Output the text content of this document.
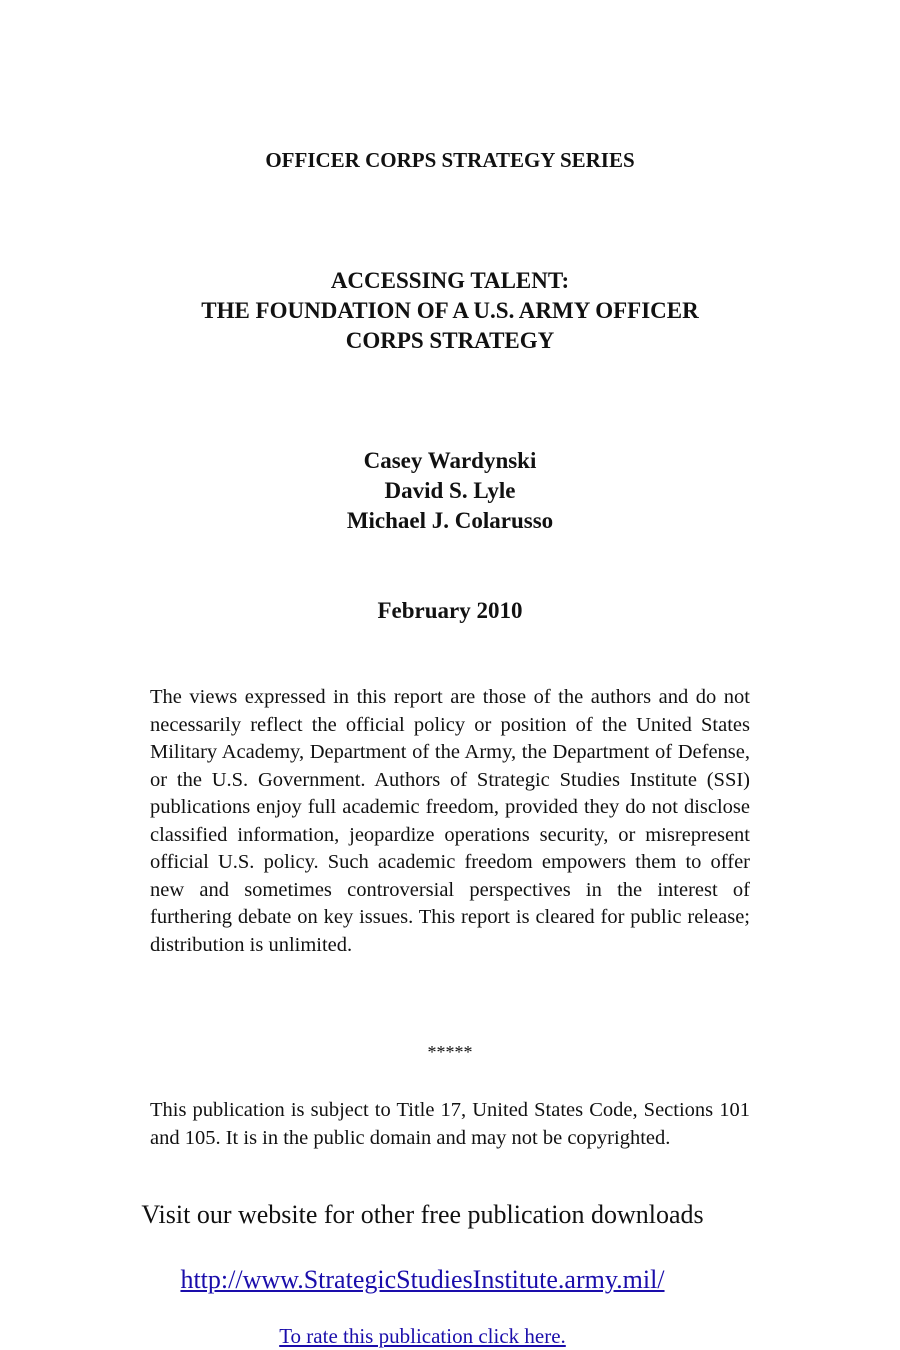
OFFICER CORPS STRATEGY SERIES

ACCESSING TALENT:
THE FOUNDATION OF A U.S. ARMY OFFICER
CORPS STRATEGY
Casey Wardynski
David S. Lyle
Michael J. Colarusso

February 2010

The views expressed in this report are those of the authors and do not necessarily reflect the official policy or position of the United States Military Academy, Department of the Army, the Department of Defense, or the U.S. Government. Authors of Strategic Studies Institute (SSI) publications enjoy full academic freedom, provided they do not disclose classified information, jeopardize operations security, or misrepresent official U.S. policy. Such academic freedom empowers them to offer new and sometimes controversial perspectives in the interest of furthering debate on key issues. This report is cleared for public release; distribution is unlimited.

*****

This publication is subject to Title 17, United States Code, Sections 101 and 105. It is in the public domain and may not be copyrighted.

Visit our website for other free publication downloads

http://www.StrategicStudiesInstitute.army.mil/

To rate this publication click here.
